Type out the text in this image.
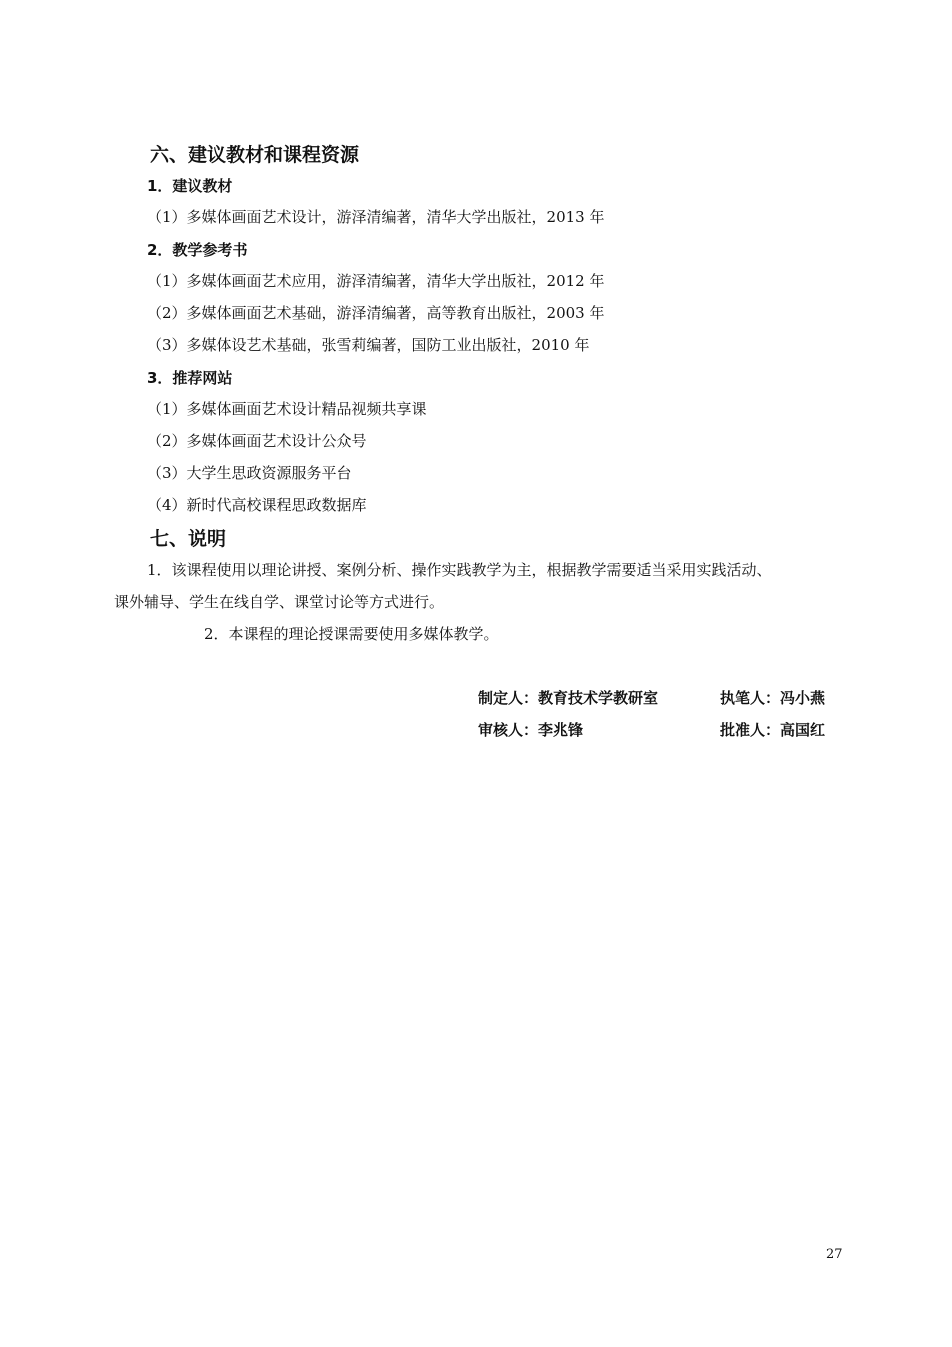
六、建议教材和课程资源
1．建议教材
（1）多媒体画面艺术设计，游泽清编著，清华大学出版社，2013 年
2．教学参考书
（1）多媒体画面艺术应用，游泽清编著，清华大学出版社，2012 年
（2）多媒体画面艺术基础，游泽清编著，高等教育出版社，2003 年
（3）多媒体设艺术基础，张雪莉编著，国防工业出版社，2010 年
3．推荐网站
（1）多媒体画面艺术设计精品视频共享课
（2）多媒体画面艺术设计公众号
（3）大学生思政资源服务平台
（4）新时代高校课程思政数据库
七、说明
1．该课程使用以理论讲授、案例分析、操作实践教学为主，根据教学需要适当采用实践活动、
课外辅导、学生在线自学、课堂讨论等方式进行。
2．本课程的理论授课需要使用多媒体教学。
制定人：教育技术学教研室	执笔人：冯小燕
审核人：李兆锋	批准人：高国红
27
